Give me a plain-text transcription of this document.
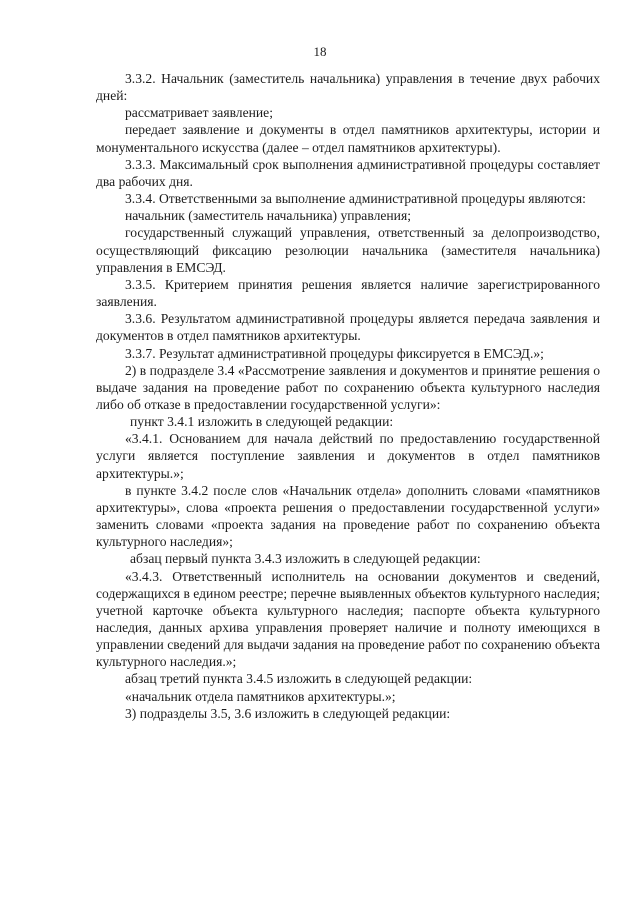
18

3.3.2. Начальник (заместитель начальника) управления в течение двух рабочих дней:

рассматривает заявление;

передает заявление и документы в отдел памятников архитектуры, истории и монументального искусства (далее – отдел памятников архитектуры).

3.3.3. Максимальный срок выполнения административной процедуры составляет два рабочих дня.

3.3.4. Ответственными за выполнение административной процедуры являются:

начальник (заместитель начальника) управления;

государственный служащий управления, ответственный за делопроизводство, осуществляющий фиксацию резолюции начальника (заместителя начальника) управления в ЕМСЭД.

3.3.5. Критерием принятия решения является наличие зарегистрированного заявления.

3.3.6. Результатом административной процедуры является передача заявления и документов в отдел памятников архитектуры.

3.3.7. Результат административной процедуры фиксируется в ЕМСЭД.»;

2) в подразделе 3.4 «Рассмотрение заявления и документов и принятие решения о выдаче задания на проведение работ по сохранению объекта культурного наследия либо об отказе в предоставлении государственной услуги»:

пункт 3.4.1 изложить в следующей редакции:

«3.4.1. Основанием для начала действий по предоставлению государственной услуги является поступление заявления и документов в отдел памятников архитектуры.»;

в пункте 3.4.2 после слов «Начальник отдела» дополнить словами «памятников архитектуры», слова «проекта решения о предоставлении государственной услуги» заменить словами «проекта задания на проведение работ по сохранению объекта культурного наследия»;

абзац первый пункта 3.4.3 изложить в следующей редакции:

«3.4.3. Ответственный исполнитель на основании документов и сведений, содержащихся в едином реестре; перечне выявленных объектов культурного наследия; учетной карточке объекта культурного наследия; паспорте объекта культурного наследия, данных архива управления проверяет наличие и полноту имеющихся в управлении сведений для выдачи задания на проведение работ по сохранению объекта культурного наследия.»;

абзац третий пункта 3.4.5 изложить в следующей редакции:

«начальник отдела памятников архитектуры.»;

3) подразделы 3.5, 3.6 изложить в следующей редакции:
